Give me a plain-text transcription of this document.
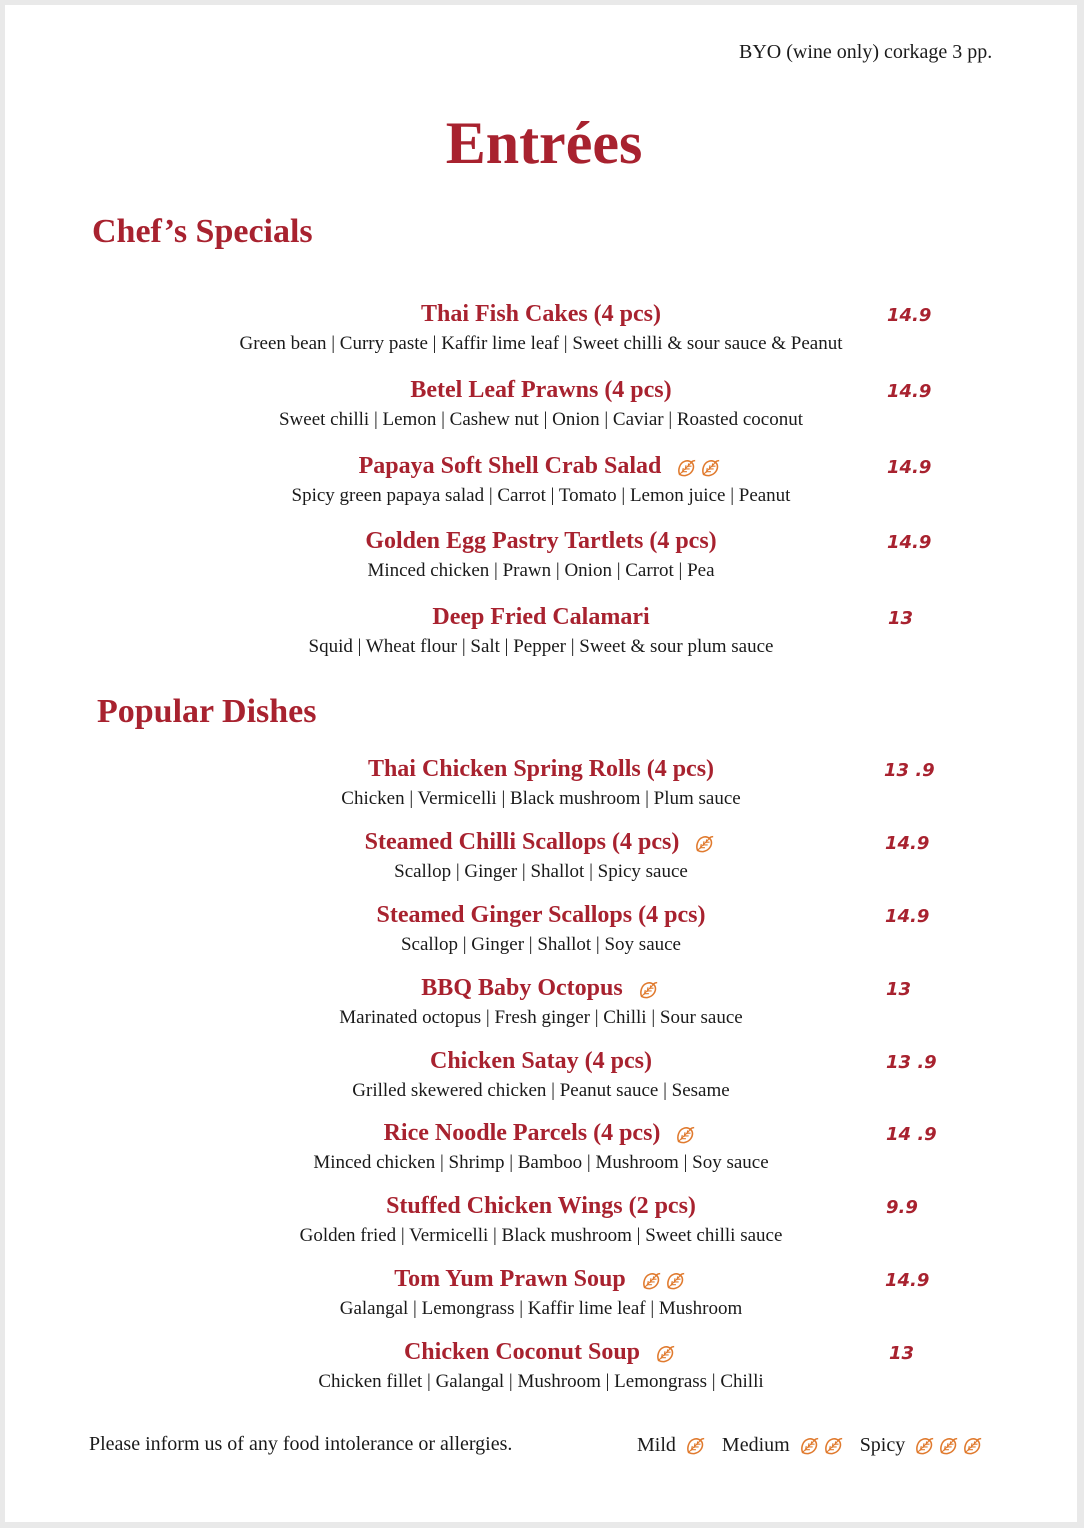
BYO (wine only) corkage 3 pp.
Entrées
Chef’s Specials
Thai Fish Cakes (4 pcs)
Green bean | Curry paste | Kaffir lime leaf | Sweet chilli & sour sauce & Peanut
14.9
Betel Leaf Prawns (4 pcs)
Sweet chilli | Lemon | Cashew nut | Onion | Caviar | Roasted coconut
14.9
Papaya Soft Shell Crab Salad
Spicy green papaya salad | Carrot | Tomato | Lemon juice | Peanut
14.9
Golden Egg Pastry Tartlets (4 pcs)
Minced chicken | Prawn | Onion | Carrot | Pea
14.9
Deep Fried Calamari
Squid | Wheat flour | Salt | Pepper | Sweet & sour plum sauce
13
Popular Dishes
Thai Chicken Spring Rolls (4 pcs)
Chicken | Vermicelli | Black mushroom | Plum sauce
13 .9
Steamed Chilli Scallops (4 pcs)
Scallop | Ginger | Shallot | Spicy sauce
14.9
Steamed Ginger Scallops (4 pcs)
Scallop | Ginger | Shallot | Soy sauce
14.9
BBQ Baby Octopus
Marinated octopus | Fresh ginger | Chilli | Sour sauce
13
Chicken Satay (4 pcs)
Grilled skewered chicken | Peanut sauce | Sesame
13 .9
Rice Noodle Parcels (4 pcs)
Minced chicken | Shrimp | Bamboo | Mushroom | Soy sauce
14 .9
Stuffed Chicken Wings (2 pcs)
Golden fried | Vermicelli | Black mushroom | Sweet chilli sauce
9.9
Tom Yum Prawn Soup
Galangal | Lemongrass | Kaffir lime leaf | Mushroom
14.9
Chicken Coconut Soup
Chicken fillet | Galangal | Mushroom | Lemongrass | Chilli
13
Please inform us of any food intolerance or allergies.	Mild Medium	Spicy
